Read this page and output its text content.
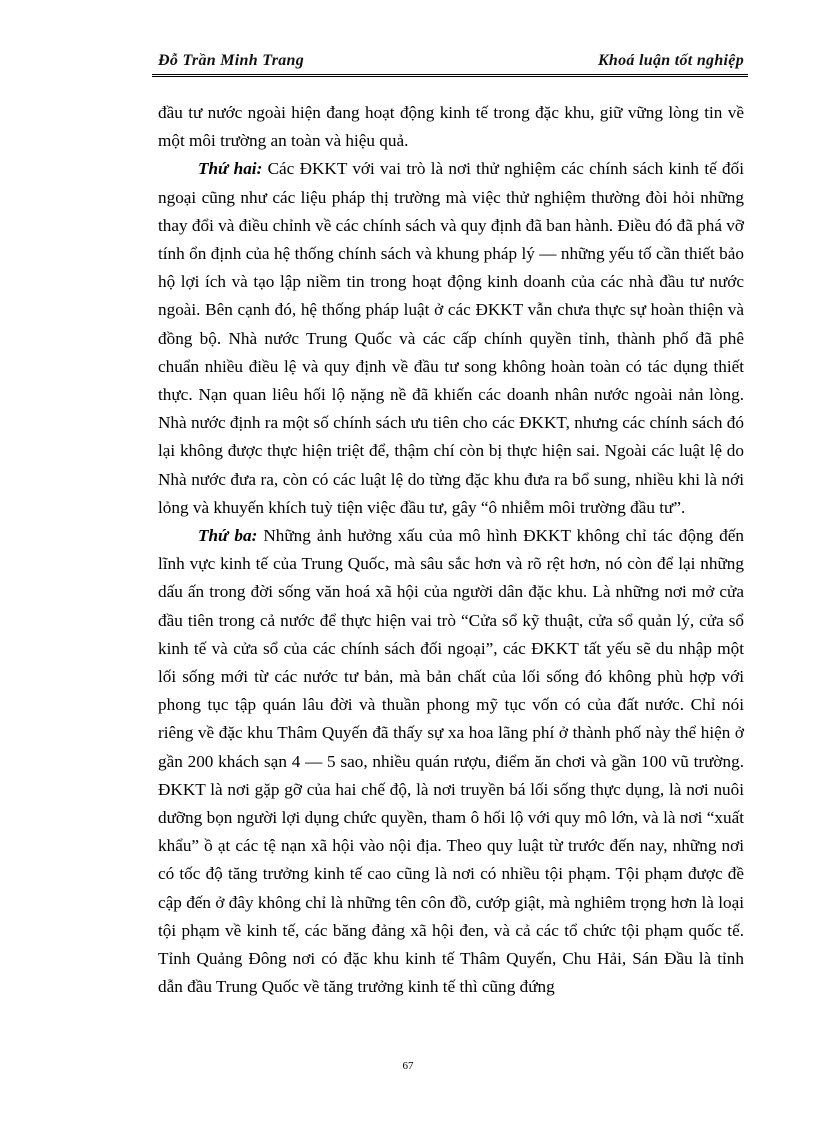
Đỗ Trần Minh Trang	Khoá luận tốt nghiệp

đầu tư nước ngoài hiện đang hoạt động kinh tế trong đặc khu, giữ vững lòng tin về một môi trường an toàn và hiệu quả.

Thứ hai: Các ĐKKT với vai trò là nơi thử nghiệm các chính sách kinh tế đối ngoại cũng như các liệu pháp thị trường mà việc thử nghiệm thường đòi hỏi những thay đổi và điều chỉnh về các chính sách và quy định đã ban hành. Điều đó đã phá vỡ tính ổn định của hệ thống chính sách và khung pháp lý — những yếu tố cần thiết bảo hộ lợi ích và tạo lập niềm tin trong hoạt động kinh doanh của các nhà đầu tư nước ngoài. Bên cạnh đó, hệ thống pháp luật ở các ĐKKT vẫn chưa thực sự hoàn thiện và đồng bộ. Nhà nước Trung Quốc và các cấp chính quyền tỉnh, thành phố đã phê chuẩn nhiều điều lệ và quy định về đầu tư song không hoàn toàn có tác dụng thiết thực. Nạn quan liêu hối lộ nặng nề đã khiến các doanh nhân nước ngoài nản lòng. Nhà nước định ra một số chính sách ưu tiên cho các ĐKKT, nhưng các chính sách đó lại không được thực hiện triệt để, thậm chí còn bị thực hiện sai. Ngoài các luật lệ do Nhà nước đưa ra, còn có các luật lệ do từng đặc khu đưa ra bổ sung, nhiều khi là nới lỏng và khuyến khích tuỳ tiện việc đầu tư, gây “ô nhiễm môi trường đầu tư”.

Thứ ba: Những ảnh hưởng xấu của mô hình ĐKKT không chỉ tác động đến lĩnh vực kinh tế của Trung Quốc, mà sâu sắc hơn và rõ rệt hơn, nó còn để lại những dấu ấn trong đời sống văn hoá xã hội của người dân đặc khu. Là những nơi mở cửa đầu tiên trong cả nước để thực hiện vai trò “Cửa sổ kỹ thuật, cửa sổ quản lý, cửa sổ kinh tế và cửa sổ của các chính sách đối ngoại”, các ĐKKT tất yếu sẽ du nhập một lối sống mới từ các nước tư bản, mà bản chất của lối sống đó không phù hợp với phong tục tập quán lâu đời và thuần phong mỹ tục vốn có của đất nước. Chỉ nói riêng về đặc khu Thâm Quyến đã thấy sự xa hoa lãng phí ở thành phố này thể hiện ở gần 200 khách sạn 4 — 5 sao, nhiều quán rượu, điểm ăn chơi và gần 100 vũ trường. ĐKKT là nơi gặp gỡ của hai chế độ, là nơi truyền bá lối sống thực dụng, là nơi nuôi dưỡng bọn người lợi dụng chức quyền, tham ô hối lộ với quy mô lớn, và là nơi “xuất khẩu” ồ ạt các tệ nạn xã hội vào nội địa. Theo quy luật từ trước đến nay, những nơi có tốc độ tăng trưởng kinh tế cao cũng là nơi có nhiều tội phạm. Tội phạm được đề cập đến ở đây không chỉ là những tên côn đồ, cướp giật, mà nghiêm trọng hơn là loại tội phạm về kinh tế, các băng đảng xã hội đen, và cả các tổ chức tội phạm quốc tế. Tỉnh Quảng Đông nơi có đặc khu kinh tế Thâm Quyến, Chu Hải, Sán Đầu là tỉnh dẫn đầu Trung Quốc về tăng trưởng kinh tế thì cũng đứng

67
